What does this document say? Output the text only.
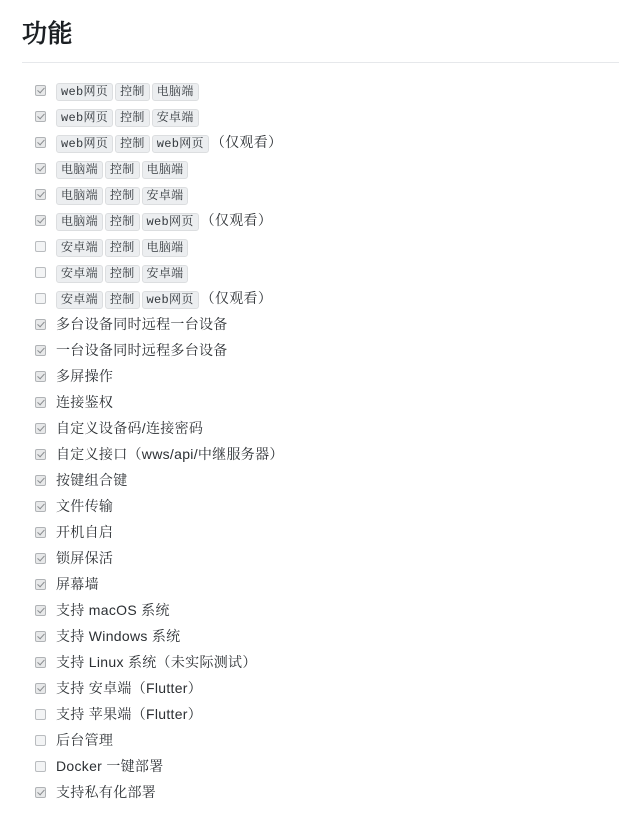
功能
web网页 控制 电脑端
web网页 控制 安卓端
web网页 控制 web网页 （仅观看）
电脑端 控制 电脑端
电脑端 控制 安卓端
电脑端 控制 web网页 （仅观看）
安卓端 控制 电脑端
安卓端 控制 安卓端
安卓端 控制 web网页 （仅观看）
多台设备同时远程一台设备
一台设备同时远程多台设备
多屏操作
连接鉴权
自定义设备码/连接密码
自定义接口（wws/api/中继服务器）
按键组合键
文件传输
开机自启
锁屏保活
屏幕墙
支持 macOS 系统
支持 Windows 系统
支持 Linux 系统（未实际测试）
支持 安卓端（Flutter）
支持 苹果端（Flutter）
后台管理
Docker 一键部署
支持私有化部署
